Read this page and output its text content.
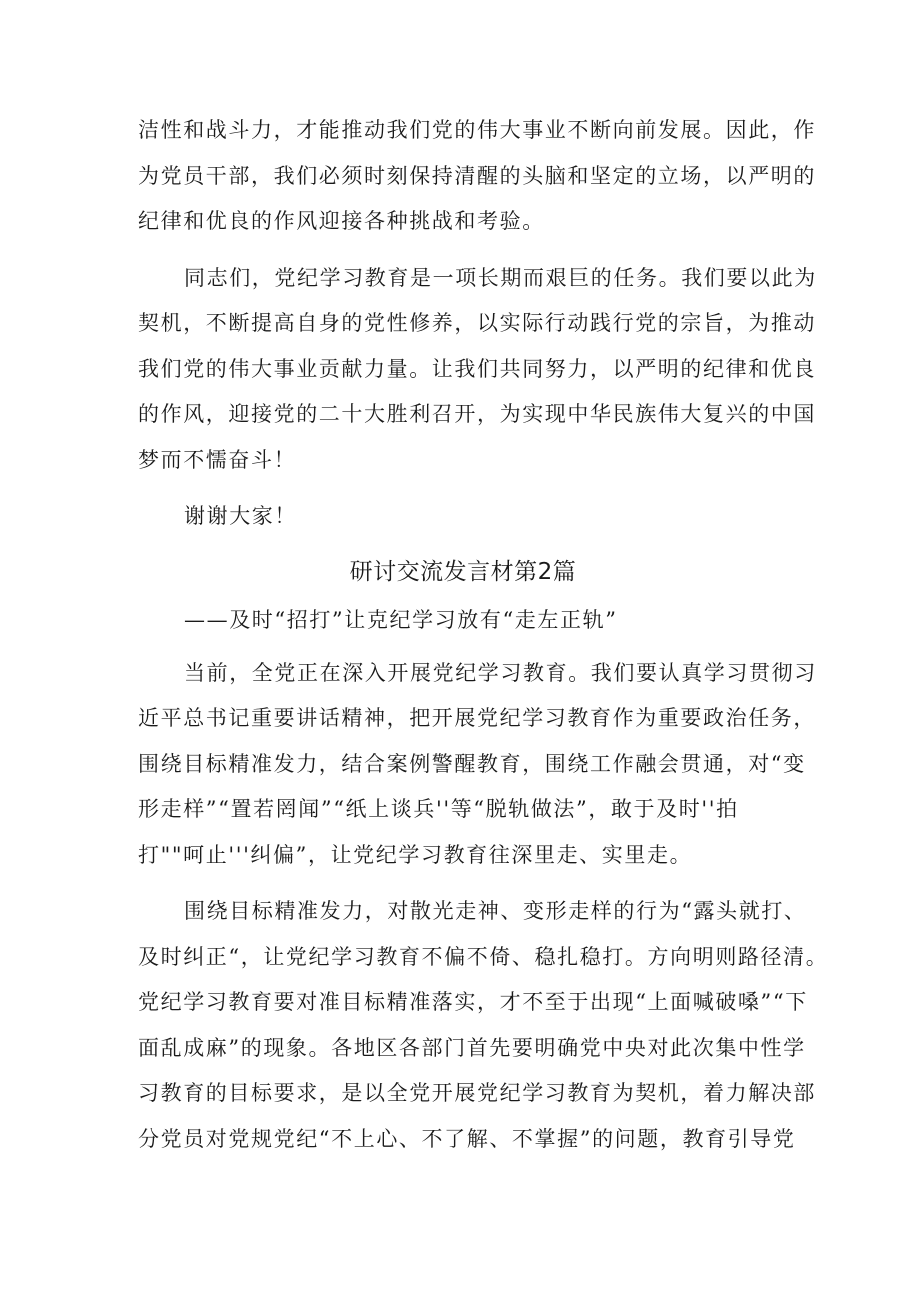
洁性和战斗力，才能推动我们党的伟大事业不断向前发展。因此，作
为党员干部，我们必须时刻保持清醒的头脑和坚定的立场，以严明的
纪律和优良的作风迎接各种挑战和考验。
同志们，党纪学习教育是一项长期而艰巨的任务。我们要以此为
契机，不断提高自身的党性修养，以实际行动践行党的宗旨，为推动
我们党的伟大事业贡献力量。让我们共同努力，以严明的纪律和优良
的作风，迎接党的二十大胜利召开，为实现中华民族伟大复兴的中国
梦而不懦奋斗！
谢谢大家！
研讨交流发言材第2篇
——及时“招打”让克纪学习放有“走左正轨”
当前，全党正在深入开展党纪学习教育。我们要认真学习贯彻习
近平总书记重要讲话精神，把开展党纪学习教育作为重要政治任务，
围绕目标精准发力，结合案例警醒教育，围绕工作融会贯通，对“变
形走样”“置若罔闻”“纸上谈兵''等“脱轨做法”，敢于及时''拍
打""呵止'''纠偏”，让党纪学习教育往深里走、实里走。
围绕目标精准发力，对散光走神、变形走样的行为“露头就打、
及时纠正“，让党纪学习教育不偏不倚、稳扎稳打。方向明则路径清。
党纪学习教育要对准目标精准落实，才不至于出现“上面喊破嗓”“下
面乱成麻”的现象。各地区各部门首先要明确党中央对此次集中性学
习教育的目标要求，是以全党开展党纪学习教育为契机，着力解决部
分党员对党规党纪“不上心、不了解、不掌握”的问题，教育引导党
